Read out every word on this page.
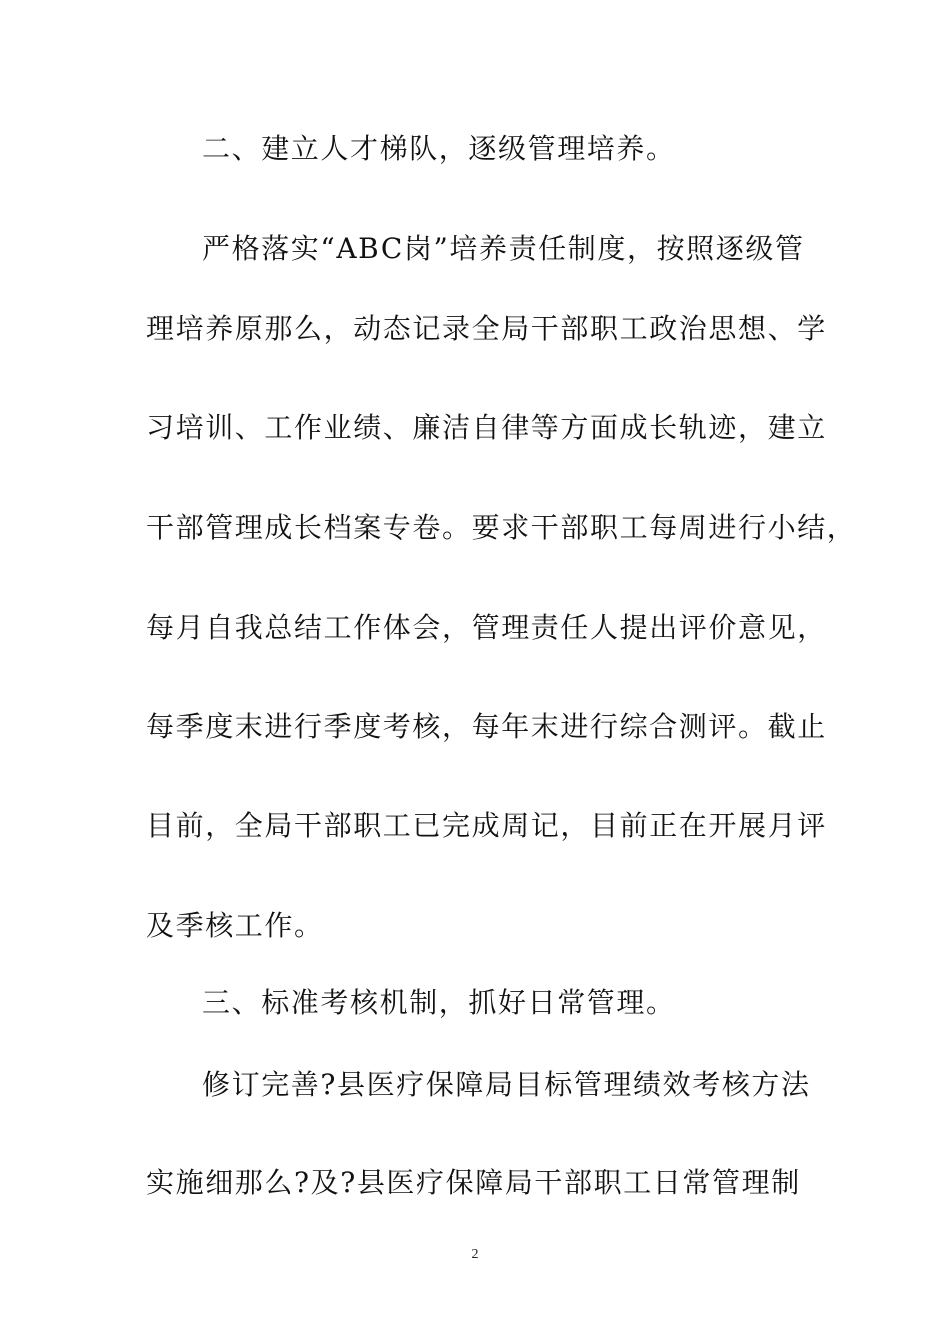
二、建立人才梯队，逐级管理培养。
严格落实“ABC岗”培养责任制度，按照逐级管
理培养原那么，动态记录全局干部职工政治思想、学
习培训、工作业绩、廉洁自律等方面成长轨迹，建立
干部管理成长档案专卷。要求干部职工每周进行小结，
每月自我总结工作体会，管理责任人提出评价意见，
每季度末进行季度考核，每年末进行综合测评。截止
目前，全局干部职工已完成周记，目前正在开展月评
及季核工作。
三、标准考核机制，抓好日常管理。
修订完善?县医疗保障局目标管理绩效考核方法
实施细那么?及?县医疗保障局干部职工日常管理制
2
